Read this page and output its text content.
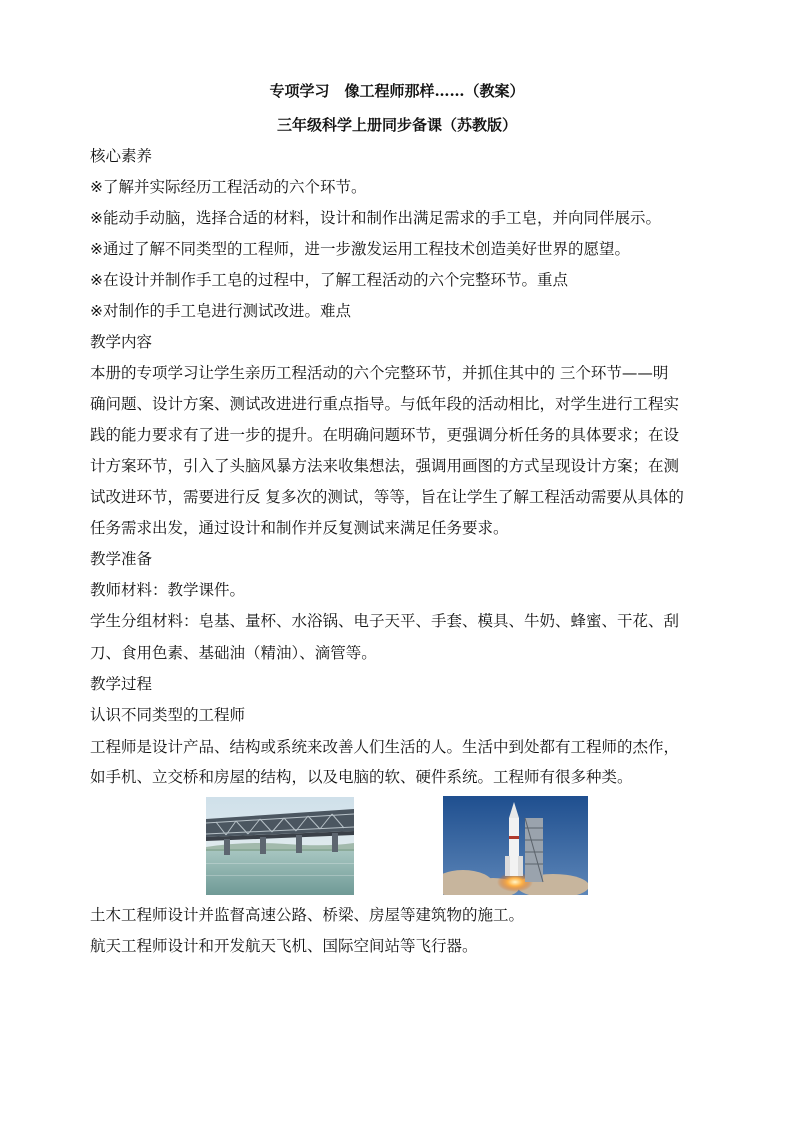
专项学习　像工程师那样……（教案）
三年级科学上册同步备课（苏教版）
核心素养
※了解并实际经历工程活动的六个环节。
※能动手动脑，选择合适的材料，设计和制作出满足需求的手工皂，并向同伴展示。
※通过了解不同类型的工程师，进一步激发运用工程技术创造美好世界的愿望。
※在设计并制作手工皂的过程中，了解工程活动的六个完整环节。重点
※对制作的手工皂进行测试改进。难点
教学内容
本册的专项学习让学生亲历工程活动的六个完整环节，并抓住其中的 三个环节——明
确问题、设计方案、测试改进进行重点指导。与低年段的活动相比，对学生进行工程实
践的能力要求有了进一步的提升。在明确问题环节，更强调分析任务的具体要求；在设
计方案环节，引入了头脑风暴方法来收集想法，强调用画图的方式呈现设计方案；在测
试改进环节，需要进行反 复多次的测试，等等，旨在让学生了解工程活动需要从具体的
任务需求出发，通过设计和制作并反复测试来满足任务要求。
教学准备
教师材料：教学课件。
学生分组材料：皂基、量杯、水浴锅、电子天平、手套、模具、牛奶、蜂蜜、干花、刮
刀、食用色素、基础油（精油）、滴管等。
教学过程
认识不同类型的工程师
工程师是设计产品、结构或系统来改善人们生活的人。生活中到处都有工程师的杰作，
如手机、立交桥和房屋的结构，以及电脑的软、硬件系统。工程师有很多种类。
土木工程师设计并监督高速公路、桥梁、房屋等建筑物的施工。
航天工程师设计和开发航天飞机、国际空间站等飞行器。
